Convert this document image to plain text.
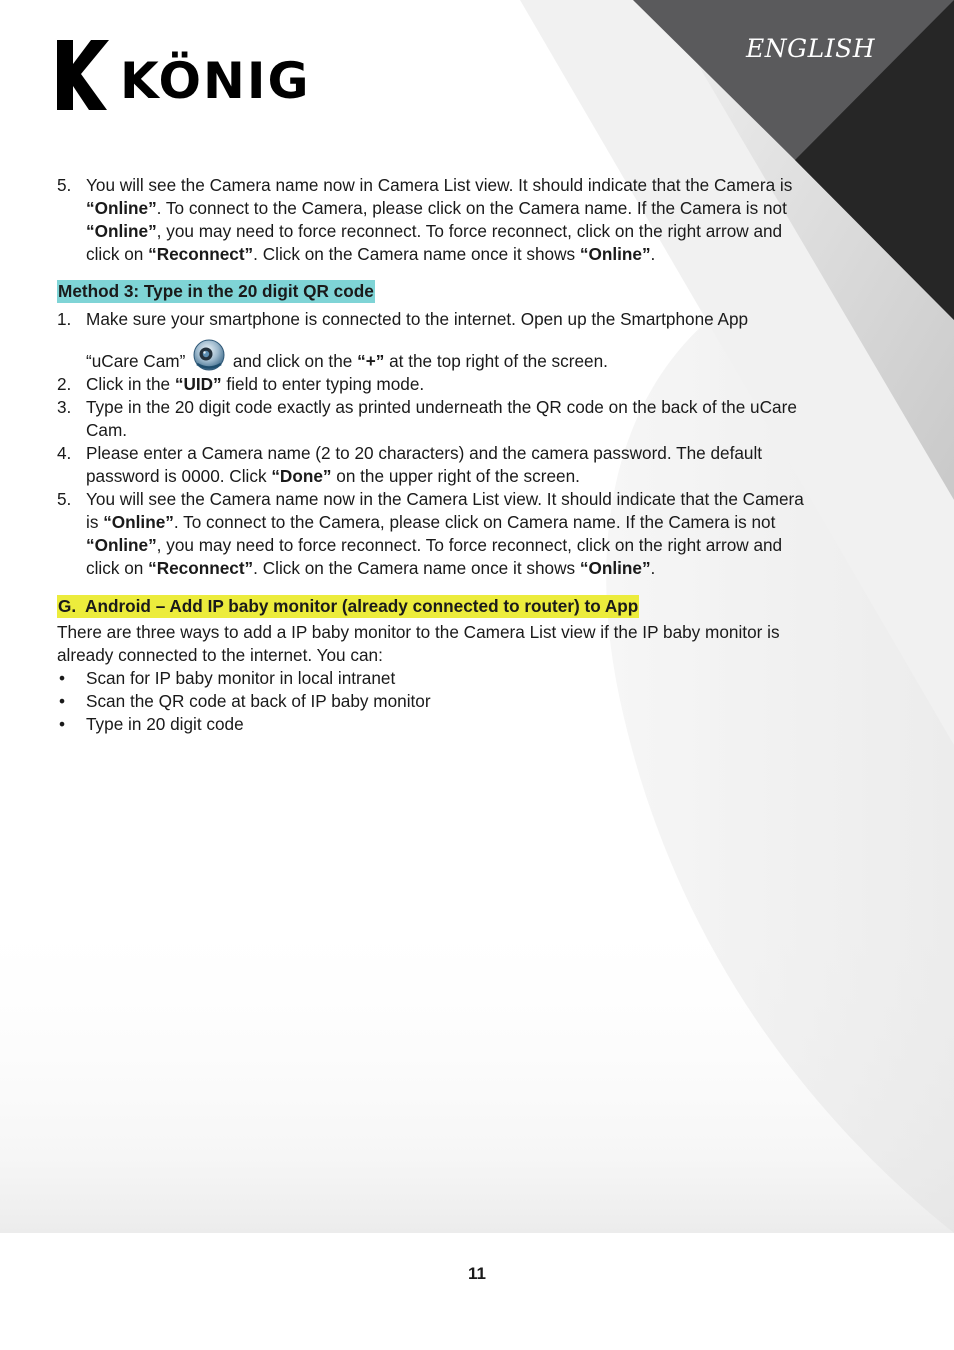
KÖNIG
ENGLISH
5. You will see the Camera name now in Camera List view. It should indicate that the Camera is “Online”. To connect to the Camera, please click on the Camera name. If the Camera is not “Online”, you may need to force reconnect. To force reconnect, click on the right arrow and click on “Reconnect”. Click on the Camera name once it shows “Online”.
Method 3: Type in the 20 digit QR code
1. Make sure your smartphone is connected to the internet. Open up the Smartphone App
“uCare Cam”  and click on the “+” at the top right of the screen.
2. Click in the “UID” field to enter typing mode.
3. Type in the 20 digit code exactly as printed underneath the QR code on the back of the uCare Cam.
4. Please enter a Camera name (2 to 20 characters) and the camera password. The default password is 0000. Click “Done” on the upper right of the screen.
5. You will see the Camera name now in the Camera List view. It should indicate that the Camera is “Online”. To connect to the Camera, please click on Camera name. If the Camera is not “Online”, you may need to force reconnect. To force reconnect, click on the right arrow and click on “Reconnect”. Click on the Camera name once it shows “Online”.
G.  Android – Add IP baby monitor (already connected to router) to App
There are three ways to add a IP baby monitor to the Camera List view if the IP baby monitor is already connected to the internet. You can:
• Scan for IP baby monitor in local intranet
• Scan the QR code at back of IP baby monitor
• Type in 20 digit code
11
